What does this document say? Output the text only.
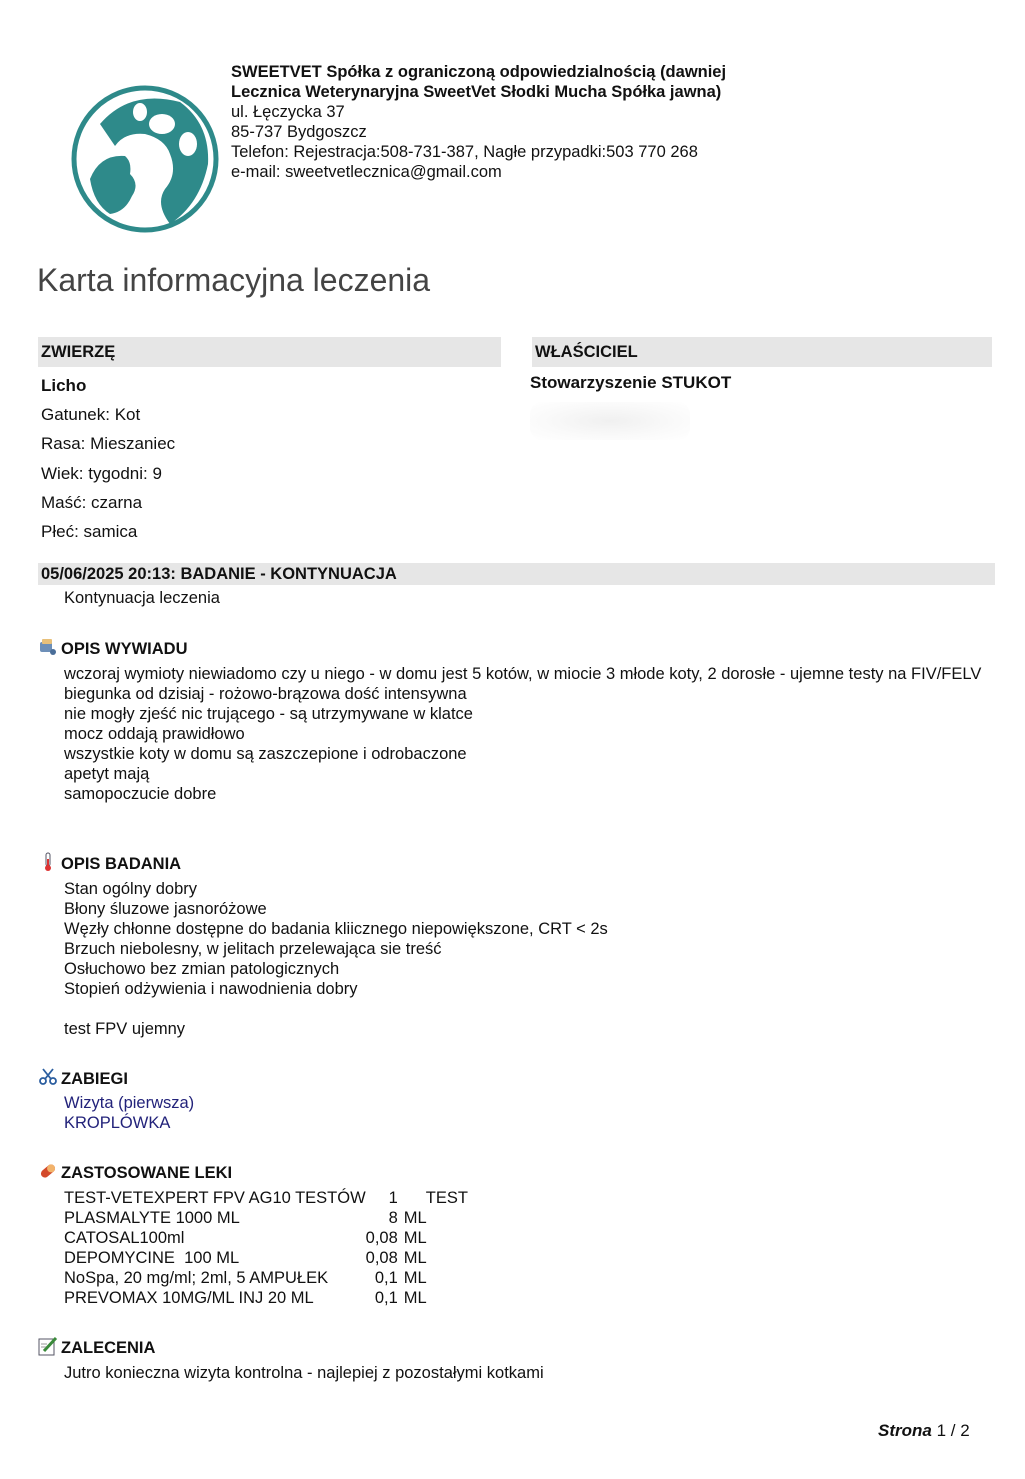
SWEETVET Spółka z ograniczoną odpowiedzialnością (dawniej
Lecznica Weterynaryjna SweetVet Słodki Mucha Spółka jawna)
ul. Łęczycka 37
85-737 Bydgoszcz
Telefon: Rejestracja:508-731-387, Nagłe przypadki:503 770 268
e-mail: sweetvetlecznica@gmail.com
Karta informacyjna leczenia
ZWIERZĘ
Licho
Gatunek: Kot
Rasa: Mieszaniec
Wiek: tygodni: 9
Maść: czarna
Płeć: samica
WŁAŚCICIEL
Stowarzyszenie STUKOT
05/06/2025 20:13: BADANIE - KONTYNUACJA
Kontynuacja leczenia
OPIS WYWIADU
wczoraj wymioty niewiadomo czy u niego - w domu jest 5 kotów, w miocie 3 młode koty, 2 dorosłe - ujemne testy na FIV/FELV
biegunka od dzisiaj - rożowo-brązowa dość intensywna
nie mogły zjeść nic trującego - są utrzymywane w klatce
mocz oddają prawidłowo
wszystkie koty w domu są zaszczepione i odrobaczone
apetyt mają
samopoczucie dobre
OPIS BADANIA
Stan ogólny dobry
Błony śluzowe jasnoróżowe
Węzły chłonne dostępne do badania kliicznego niepowiększone, CRT < 2s
Brzuch niebolesny, w jelitach przelewająca sie treść
Osłuchowo bez zmian patologicznych
Stopień odżywienia i nawodnienia dobry
test FPV ujemny
ZABIEGI
Wizyta (pierwsza)
KROPLÓWKA
ZASTOSOWANE LEKI
TEST-VETEXPERT FPV AG10 TESTÓW	1	TEST
PLASMALYTE 1000 ML	8	ML
CATOSAL100ml	0,08	ML
DEPOMYCINE  100 ML	0,08	ML
NoSpa, 20 mg/ml; 2ml, 5 AMPUŁEK	0,1	ML
PREVOMAX 10MG/ML INJ 20 ML	0,1	ML
ZALECENIA
Jutro konieczna wizyta kontrolna - najlepiej z pozostałymi kotkami
Strona 1 / 2
